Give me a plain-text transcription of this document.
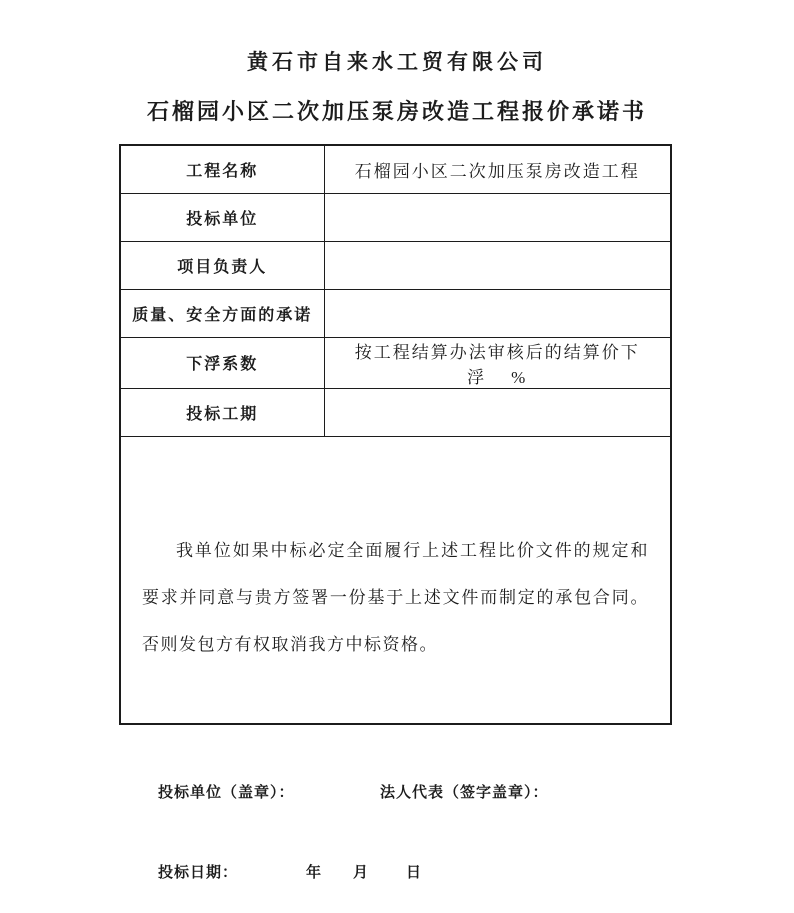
黄石市自来水工贸有限公司
石榴园小区二次加压泵房改造工程报价承诺书
工程名称	石榴园小区二次加压泵房改造工程
投标单位	
项目负责人	
质量、安全方面的承诺	
下浮系数	按工程结算办法审核后的结算价下浮    %
投标工期	

我单位如果中标必定全面履行上述工程比价文件的规定和要求并同意与贵方签署一份基于上述文件而制定的承包合同。否则发包方有权取消我方中标资格。	

投标单位（盖章）：	法人代表（签字盖章）：
投标日期：	年 月 日
